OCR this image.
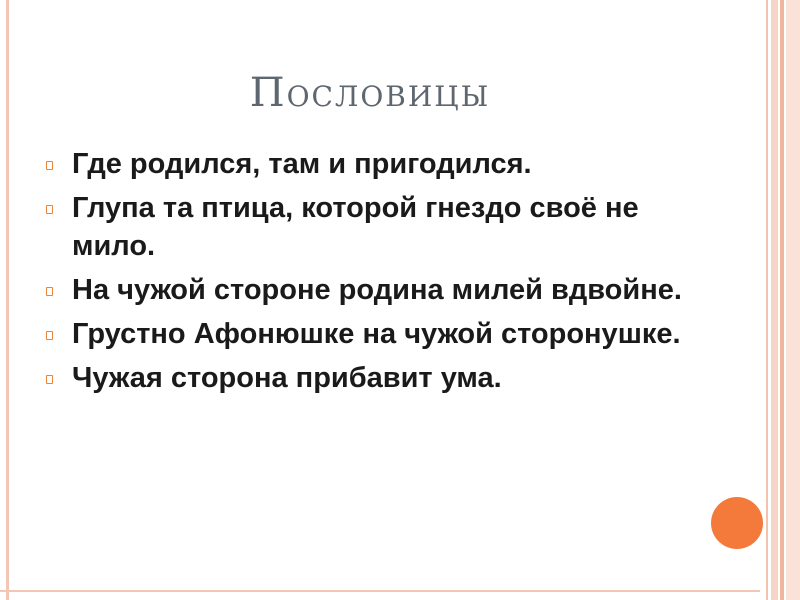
Пословицы
Где родился, там и пригодился.
Глупа та птица, которой гнездо своё не мило.
На чужой стороне родина милей вдвойне.
Грустно Афонюшке на чужой сторонушке.
Чужая сторона прибавит ума.
